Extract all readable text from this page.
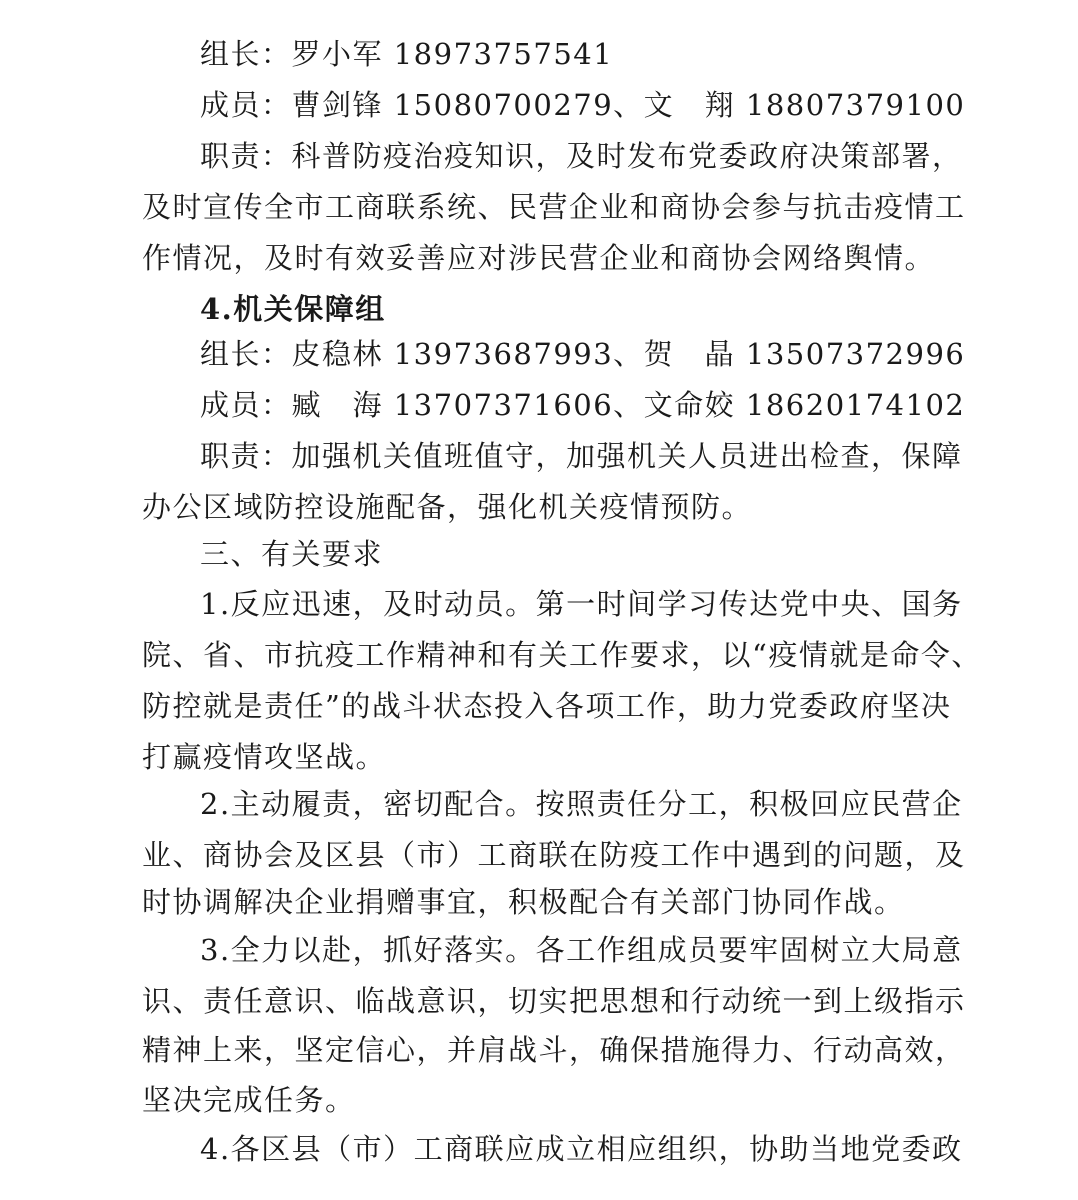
组长：罗小军 18973757541
成员：曹剑锋 15080700279、文　翔 18807379100
职责：科普防疫治疫知识，及时发布党委政府决策部署，
及时宣传全市工商联系统、民营企业和商协会参与抗击疫情工
作情况，及时有效妥善应对涉民营企业和商协会网络舆情。
4.机关保障组
组长：皮稳林 13973687993、贺　晶 13507372996
成员：臧　海 13707371606、文命姣 18620174102
职责：加强机关值班值守，加强机关人员进出检查，保障
办公区域防控设施配备，强化机关疫情预防。
三、有关要求
1.反应迅速，及时动员。第一时间学习传达党中央、国务
院、省、市抗疫工作精神和有关工作要求，以“疫情就是命令、
防控就是责任”的战斗状态投入各项工作，助力党委政府坚决
打赢疫情攻坚战。
2.主动履责，密切配合。按照责任分工，积极回应民营企
业、商协会及区县（市）工商联在防疫工作中遇到的问题，及
时协调解决企业捐赠事宜，积极配合有关部门协同作战。
3.全力以赴，抓好落实。各工作组成员要牢固树立大局意
识、责任意识、临战意识，切实把思想和行动统一到上级指示
精神上来，坚定信心，并肩战斗，确保措施得力、行动高效，
坚决完成任务。
4.各区县（市）工商联应成立相应组织，协助当地党委政
